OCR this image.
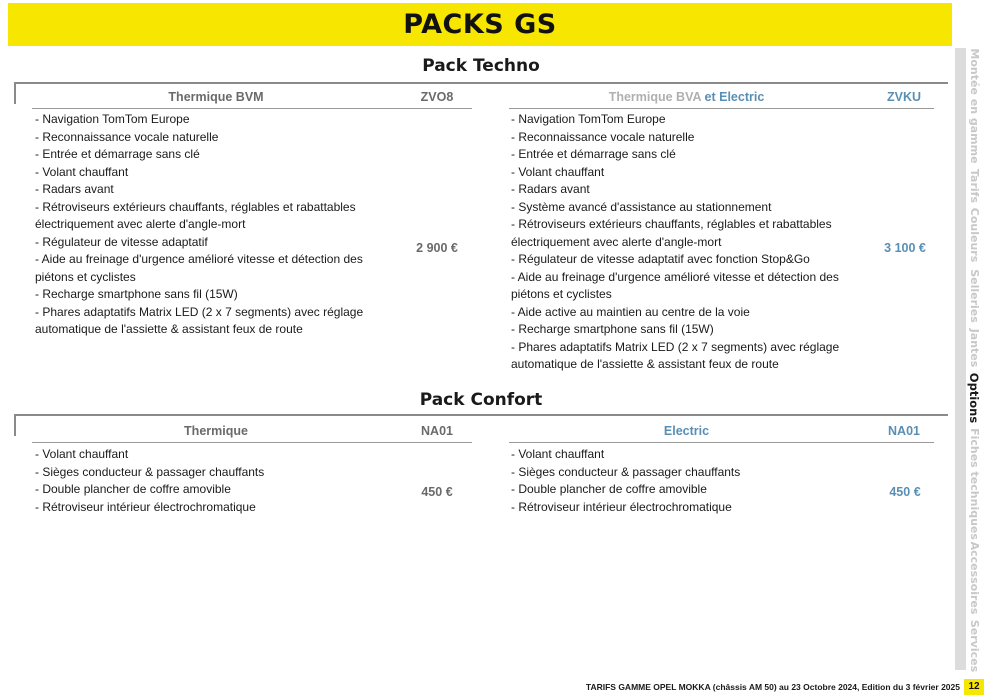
PACKS GS
Pack Techno
Thermique BVM	ZVO8	Thermique BVA et Electric	ZVKU
- Navigation TomTom Europe
- Reconnaissance vocale naturelle
- Entrée et démarrage sans clé
- Volant chauffant
- Radars avant
- Rétroviseurs extérieurs chauffants, réglables et rabattables électriquement avec alerte d'angle-mort
- Régulateur de vitesse adaptatif
- Aide au freinage d'urgence amélioré vitesse et détection des piétons et cyclistes
- Recharge smartphone sans fil (15W)
- Phares adaptatifs Matrix LED (2 x 7 segments) avec réglage automatique de l'assiette & assistant feux de route
2 900 €
- Navigation TomTom Europe
- Reconnaissance vocale naturelle
- Entrée et démarrage sans clé
- Volant chauffant
- Radars avant
- Système avancé d'assistance au stationnement
- Rétroviseurs extérieurs chauffants, réglables et rabattables électriquement avec alerte d'angle-mort
- Régulateur de vitesse adaptatif avec fonction Stop&Go
- Aide au freinage d'urgence amélioré vitesse et détection des piétons et cyclistes
- Aide active au maintien au centre de la voie
- Recharge smartphone sans fil (15W)
- Phares adaptatifs Matrix LED (2 x 7 segments) avec réglage automatique de l'assiette & assistant feux de route
3 100 €
Pack Confort
Thermique	NA01	Electric	NA01
- Volant chauffant
- Sièges conducteur & passager chauffants
- Double plancher de coffre amovible
- Rétroviseur intérieur électrochromatique
450 €
- Volant chauffant
- Sièges conducteur & passager chauffants
- Double plancher de coffre amovible
- Rétroviseur intérieur électrochromatique
450 €
Montée en gamme
Tarifs
Couleurs
Selleries
Jantes
Options
Fiches techniques
Accessoires
Services
TARIFS GAMME OPEL MOKKA (châssis AM 50) au 23 Octobre 2024, Edition du 3 février 2025 12
